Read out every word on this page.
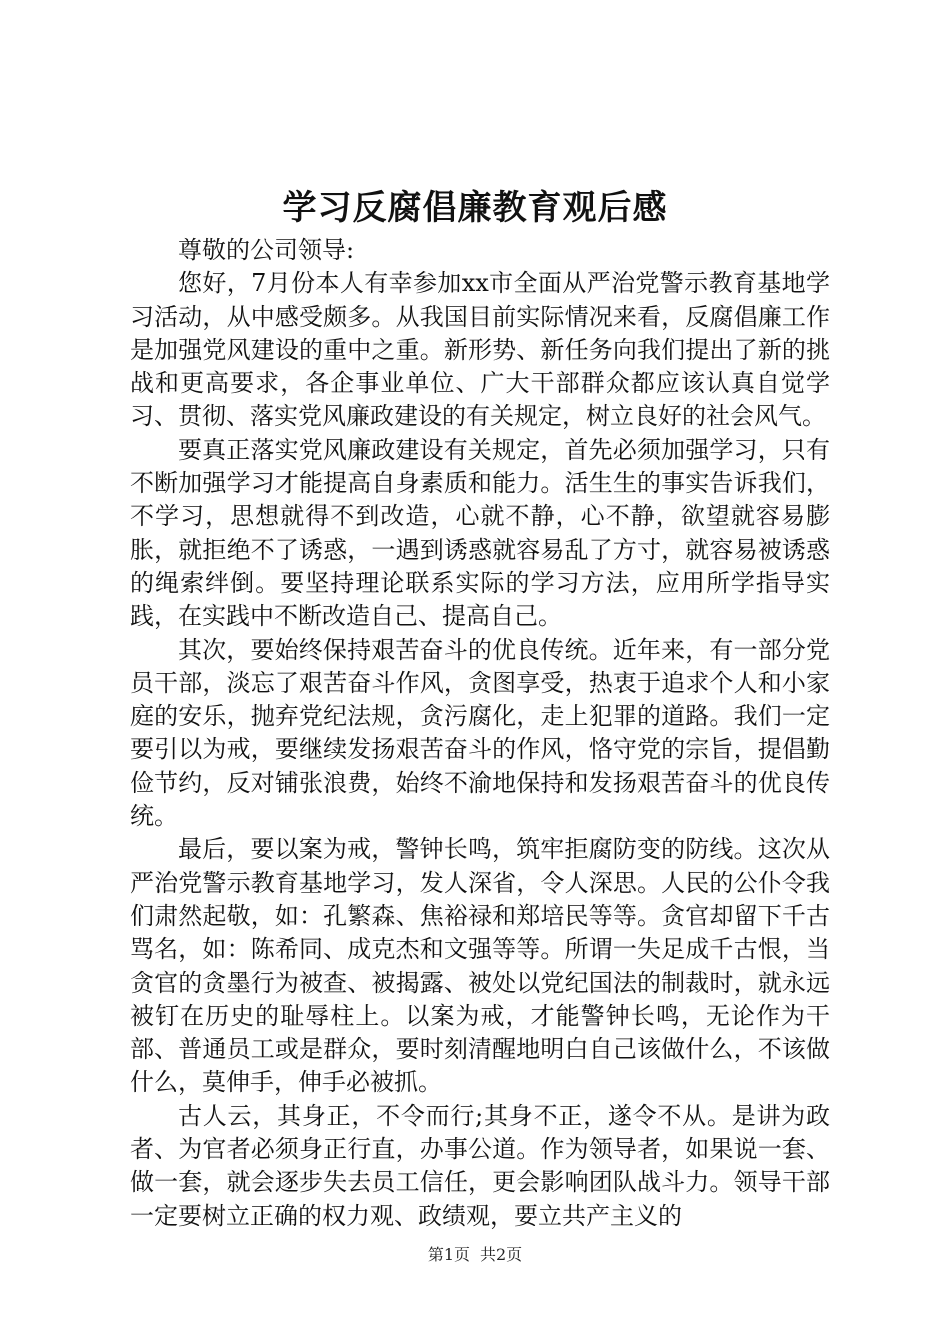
学习反腐倡廉教育观后感

尊敬的公司领导:

您好，7月份本人有幸参加xx市全面从严治党警示教育基地学习活动，从中感受颇多。从我国目前实际情况来看，反腐倡廉工作是加强党风建设的重中之重。新形势、新任务向我们提出了新的挑战和更高要求，各企事业单位、广大干部群众都应该认真自觉学习、贯彻、落实党风廉政建设的有关规定，树立良好的社会风气。

要真正落实党风廉政建设有关规定，首先必须加强学习，只有不断加强学习才能提高自身素质和能力。活生生的事实告诉我们，不学习，思想就得不到改造，心就不静，心不静，欲望就容易膨胀，就拒绝不了诱惑，一遇到诱惑就容易乱了方寸，就容易被诱惑的绳索绊倒。要坚持理论联系实际的学习方法，应用所学指导实践，在实践中不断改造自己、提高自己。

其次，要始终保持艰苦奋斗的优良传统。近年来，有一部分党员干部，淡忘了艰苦奋斗作风，贪图享受，热衷于追求个人和小家庭的安乐，抛弃党纪法规，贪污腐化，走上犯罪的道路。我们一定要引以为戒，要继续发扬艰苦奋斗的作风，恪守党的宗旨，提倡勤俭节约，反对铺张浪费，始终不渝地保持和发扬艰苦奋斗的优良传统。

最后，要以案为戒，警钟长鸣，筑牢拒腐防变的防线。这次从严治党警示教育基地学习，发人深省，令人深思。人民的公仆令我们肃然起敬，如：孔繁森、焦裕禄和郑培民等等。贪官却留下千古骂名，如：陈希同、成克杰和文强等等。所谓一失足成千古恨，当贪官的贪墨行为被查、被揭露、被处以党纪国法的制裁时，就永远被钉在历史的耻辱柱上。以案为戒，才能警钟长鸣，无论作为干部、普通员工或是群众，要时刻清醒地明白自己该做什么，不该做什么，莫伸手，伸手必被抓。

古人云，其身正，不令而行;其身不正，遂令不从。是讲为政者、为官者必须身正行直，办事公道。作为领导者，如果说一套、做一套，就会逐步失去员工信任，更会影响团队战斗力。领导干部一定要树立正确的权力观、政绩观，要立共产主义的

第1页 共2页
